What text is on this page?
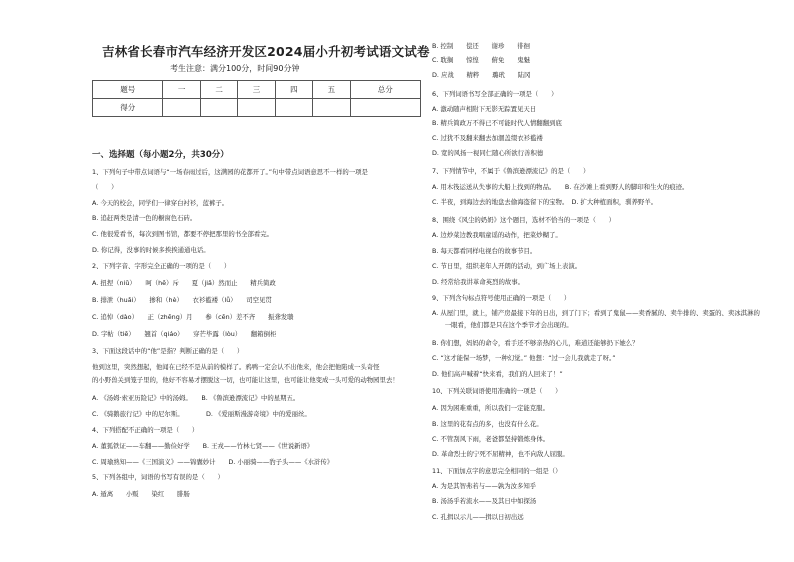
吉林省长春市汽车经济开发区2024届小升初考试语文试卷
考生注意：满分100分，时间90分钟
题号	一	二	三	四	五	总分
得分						
一、选择题（每小题2分，共30分）
1、下列句子中带点词语与“一场春雨过后，这满园的花都开了。”句中带点词语意思不一样的一项是
（　　）
A. 今天的校会，同学们一律穿白衬衫，蓝裤子。
B. 追赶两类是清一色的橱窗色石砖。
C. 他很爱看书，每次到图书馆，都要不停把那里的书全部看完。
D. 你记得，没事的时候多挨挨通通电话。
2、下列字音、字形完全正确的一项的是（　　）
A. 扭捏（niǔ）　　呵（hē）斥　　夏（jiǎ）然而止　　精兵简政
B. 排泄（huǎi）　　掺和（hè）　　衣衫褴褛（lǚ）　　司空见贯
C. 追悼（dào）　　正（zhēng）月　　参（cēn）差不齐　　振聋发聩
D. 字帖（tiē）　　翘首（qiáo）　　穿芒毕露（lòu）　　翻箱倒柜
3、下面这段话中的“他”是指？判断正确的是（　　）
他到这里，突然想起，他闻在已经不是从前的模样了。鸦鸭一定会认不出他来，他会把他陷成一头奇怪
的小野兽关到笼子里的，他好不容易才摆脱这一切，也可能让这里，也可能让他变成一头可爱的动物园里去！
A. 《汤姆·索亚历险记》中的汤姆。　　B. 《鲁滨逊漂流记》中的星期五。
C. 《骑鹅旅行记》中的尼尔斯。　　　　D. 《爱丽斯漫游奇境》中的爱丽丝。
4、下列搭配不正确的一项是（　　）
A. 董狐铁证——车翻——勤俭好学　　B. 王戎——竹林七贤——《世说新语》
C. 周瑜熟知——《三国演义》——锦囊妙计　　D. 小丽骑——豹子头——《水浒传》
5、下列各组中，词语的书写有误的是（　　）
A. 遁离　　小贩　　染红　　腓肠
B. 控制　　偿还　　谢珍　　徘徊
C. 耽搁　　惊惶　　俯免　　鬼魅
D. 应战　　精粹　　璐玳　　陆冈
6、下列词语书写全部正确的一项是（　　）
A. 激动随声相附下无影无踪置见天日
B. 精兵简政万不得已不可能时代人情翻翻到底
C. 过犹不及翻来翻去加涸盖缀衣衫褴褛
D. 宽的风扬一视同仁随心所欲行善积德
7、下列情节中，不属于《鲁滨逊漂流记》的是（　　）
A. 用木筏运送从失事的大船上找到的物品。　　B. 在沙滩上看到野人的脚印和生火的痕迹。
C. 半夜，到海边去的地盘去偷海盗留下的宝物。　D. 扩大种植面积，驯养野羊。
8、围绕《风尘的奶奶》这个题目，选材不恰当的一项是（　　）
A. 边炒菜边教我唱童谣的动作，把菜炒糊了。
B. 每天都看同样电视台的故事节目。
C. 节日里，组织老年人开朗的活动，到广场上表演。
D. 经常给我讲革命英烈的故事。
9、下列含句标点符号使用正确的一项是（　　）
A. 从屋门里，就上，铺产房最接下年的日出，到了门下；看到了鬼鼠——卖香腻的、卖牛排的、卖蛋的、卖冰淇淋的
　　一眼看，他们都是只在这个季节才会出现的。
B. 你们想，妈妈的命令，看手还不够亲热的心儿，难道还能够扔下她么？
C. “这才能保一场梦，一种幻觉。” 他想：“过一会儿我就走了呀。”
D. 他们高声喊着“快来看，我们的人回来了！”
10、下列关联词语使用准确的一项是（　　）
A. 因为困难重重，所以我们一定能克服。
B. 这里的花有点的多，也没有什么花。
C. 不管刮风下雨，老爸都坚持锻炼身体。
D. 革命烈士的宁死不屈精神，也不向敌人屈服。
11、下面加点字的意思完全相同的一组是（）
A. 为是其智弗若与——孰为汝多知乎
B. 汤汤乎若流水——及其日中如探汤
C. 孔揖以示儿——揖以日初出远
